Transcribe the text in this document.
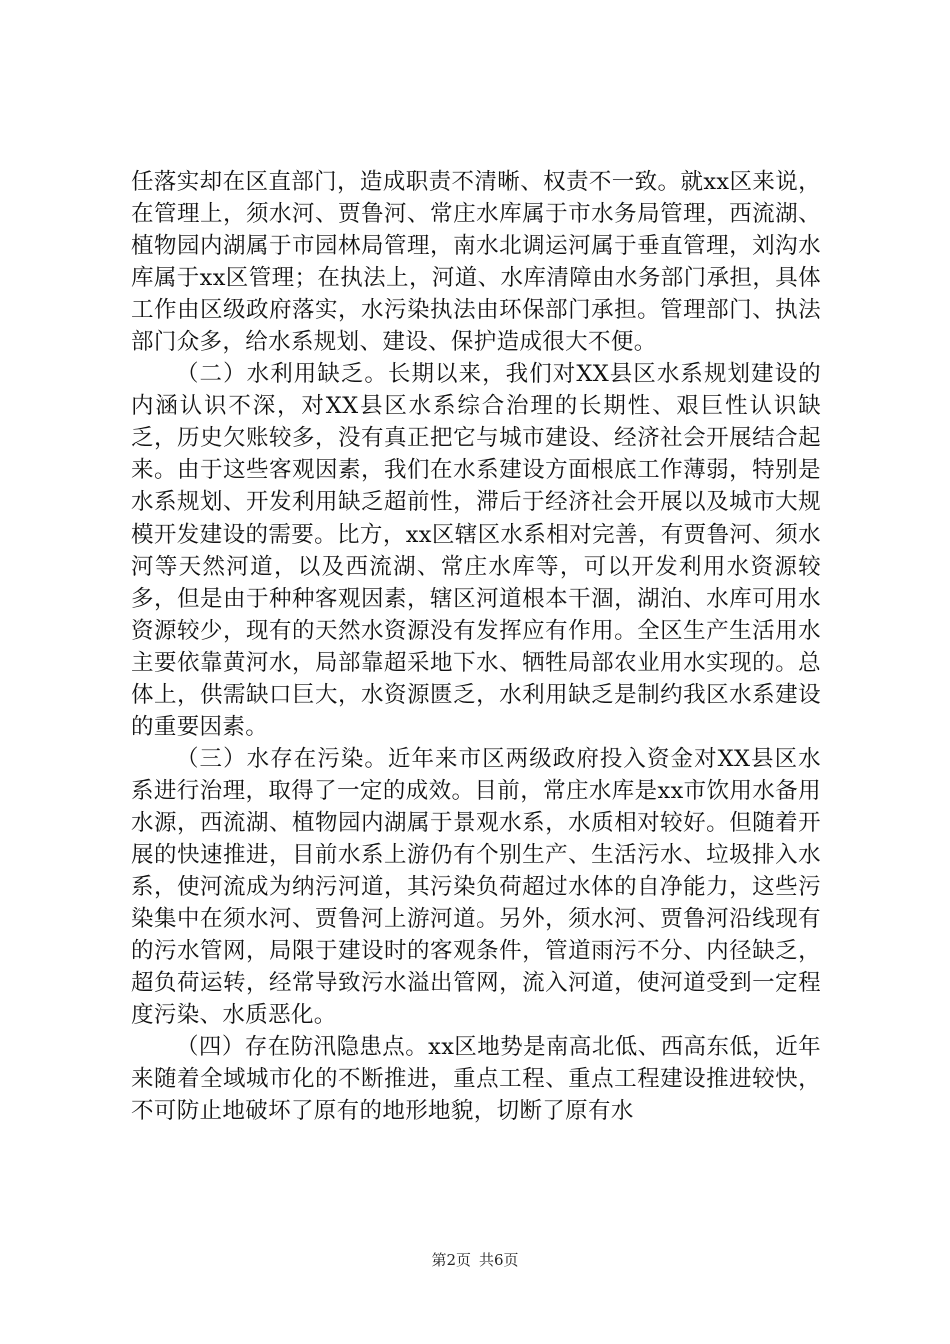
任落实却在区直部门，造成职责不清晰、权责不一致。就xx区来说，在管理上，须水河、贾鲁河、常庄水库属于市水务局管理，西流湖、植物园内湖属于市园林局管理，南水北调运河属于垂直管理，刘沟水库属于xx区管理；在执法上，河道、水库清障由水务部门承担，具体工作由区级政府落实，水污染执法由环保部门承担。管理部门、执法部门众多，给水系规划、建设、保护造成很大不便。

（二）水利用缺乏。长期以来，我们对XX县区水系规划建设的内涵认识不深，对XX县区水系综合治理的长期性、艰巨性认识缺乏，历史欠账较多，没有真正把它与城市建设、经济社会开展结合起来。由于这些客观因素，我们在水系建设方面根底工作薄弱，特别是水系规划、开发利用缺乏超前性，滞后于经济社会开展以及城市大规模开发建设的需要。比方，xx区辖区水系相对完善，有贾鲁河、须水河等天然河道，以及西流湖、常庄水库等，可以开发利用水资源较多，但是由于种种客观因素，辖区河道根本干涸，湖泊、水库可用水资源较少，现有的天然水资源没有发挥应有作用。全区生产生活用水主要依靠黄河水，局部靠超采地下水、牺牲局部农业用水实现的。总体上，供需缺口巨大，水资源匮乏，水利用缺乏是制约我区水系建设的重要因素。

（三）水存在污染。近年来市区两级政府投入资金对XX县区水系进行治理，取得了一定的成效。目前，常庄水库是xx市饮用水备用水源，西流湖、植物园内湖属于景观水系，水质相对较好。但随着开展的快速推进，目前水系上游仍有个别生产、生活污水、垃圾排入水系，使河流成为纳污河道，其污染负荷超过水体的自净能力，这些污染集中在须水河、贾鲁河上游河道。另外，须水河、贾鲁河沿线现有的污水管网，局限于建设时的客观条件，管道雨污不分、内径缺乏，超负荷运转，经常导致污水溢出管网，流入河道，使河道受到一定程度污染、水质恶化。

（四）存在防汛隐患点。xx区地势是南高北低、西高东低，近年来随着全域城市化的不断推进，重点工程、重点工程建设推进较快，不可防止地破坏了原有的地形地貌，切断了原有水

第2页 共6页
